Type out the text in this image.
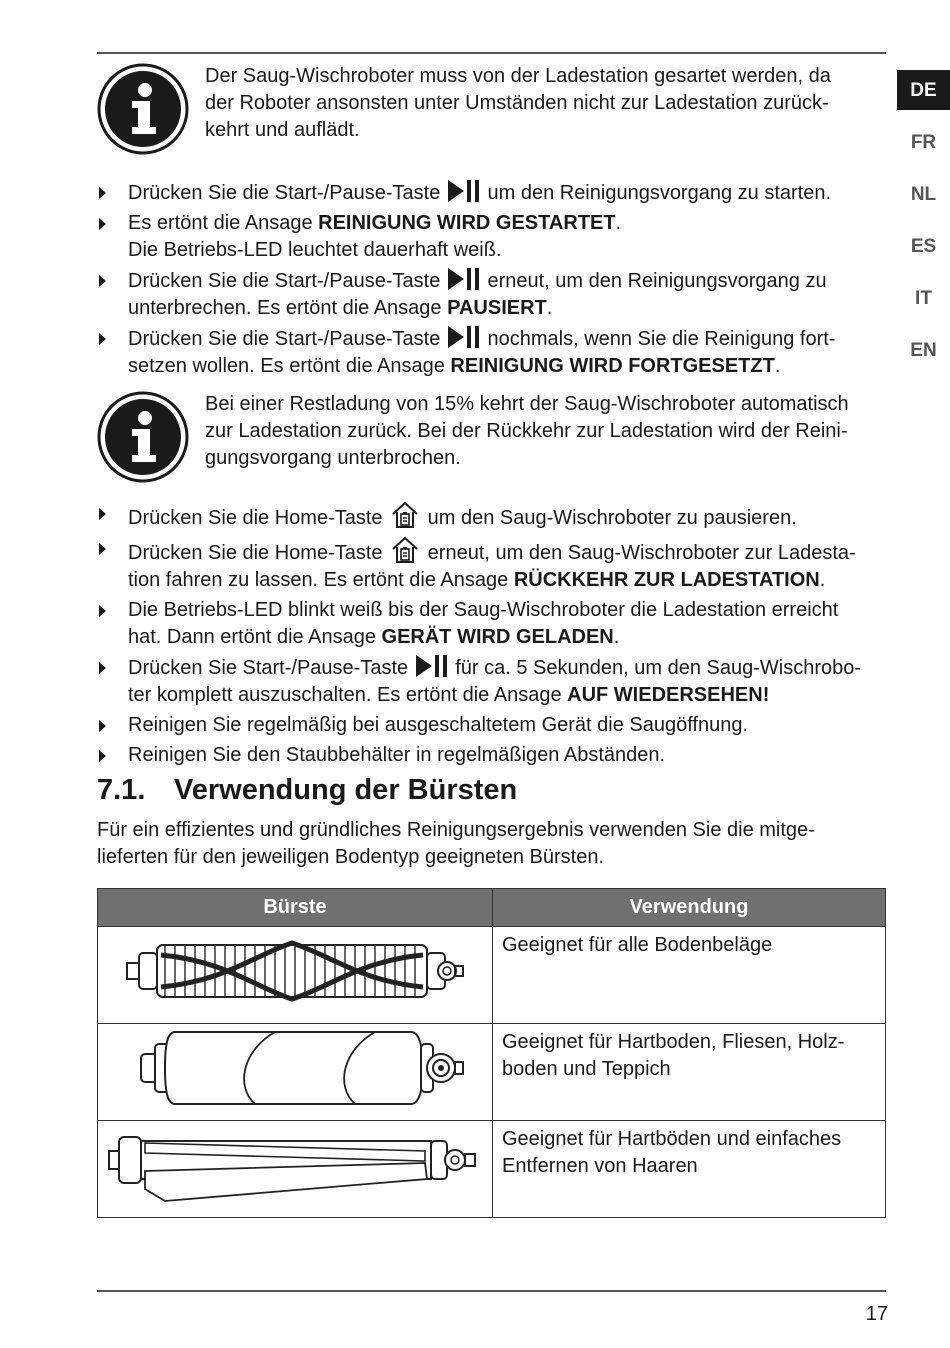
DE
FR
NL
ES
IT
EN
Der Saug-Wischroboter muss von der Ladestation gesartet werden, da
der Roboter ansonsten unter Umständen nicht zur Ladestation zurück-
kehrt und auflädt.
Drücken Sie die Start-/Pause-Taste  um den Reinigungsvorgang zu starten.
Es ertönt die Ansage REINIGUNG WIRD GESTARTET.
Die Betriebs-LED leuchtet dauerhaft weiß.
Drücken Sie die Start-/Pause-Taste  erneut, um den Reinigungsvorgang zu
unterbrechen. Es ertönt die Ansage PAUSIERT.
Drücken Sie die Start-/Pause-Taste  nochmals, wenn Sie die Reinigung fort-
setzen wollen. Es ertönt die Ansage REINIGUNG WIRD FORTGESETZT.
Bei einer Restladung von 15% kehrt der Saug-Wischroboter automatisch
zur Ladestation zurück. Bei der Rückkehr zur Ladestation wird der Reini-
gungsvorgang unterbrochen.
Drücken Sie die Home-Taste  um den Saug-Wischroboter zu pausieren.
Drücken Sie die Home-Taste  erneut, um den Saug-Wischroboter zur Ladesta-
tion fahren zu lassen. Es ertönt die Ansage RÜCKKEHR ZUR LADESTATION.
Die Betriebs-LED blinkt weiß bis der Saug-Wischroboter die Ladestation erreicht
hat. Dann ertönt die Ansage GERÄT WIRD GELADEN.
Drücken Sie Start-/Pause-Taste  für ca. 5 Sekunden, um den Saug-Wischrobo-
ter komplett auszuschalten. Es ertönt die Ansage AUF WIEDERSEHEN!
Reinigen Sie regelmäßig bei ausgeschaltetem Gerät die Saugöffnung.
Reinigen Sie den Staubbehälter in regelmäßigen Abständen.
7.1. Verwendung der Bürsten
Für ein effizientes und gründliches Reinigungsergebnis verwenden Sie die mitge-
lieferten für den jeweiligen Bodentyp geeigneten Bürsten.
Bürste	Verwendung

Geeignet für alle Bodenbeläge

Geeignet für Hartboden, Fliesen, Holz-
boden und Teppich

Geeignet für Hartböden und einfaches
Entfernen von Haaren
17
